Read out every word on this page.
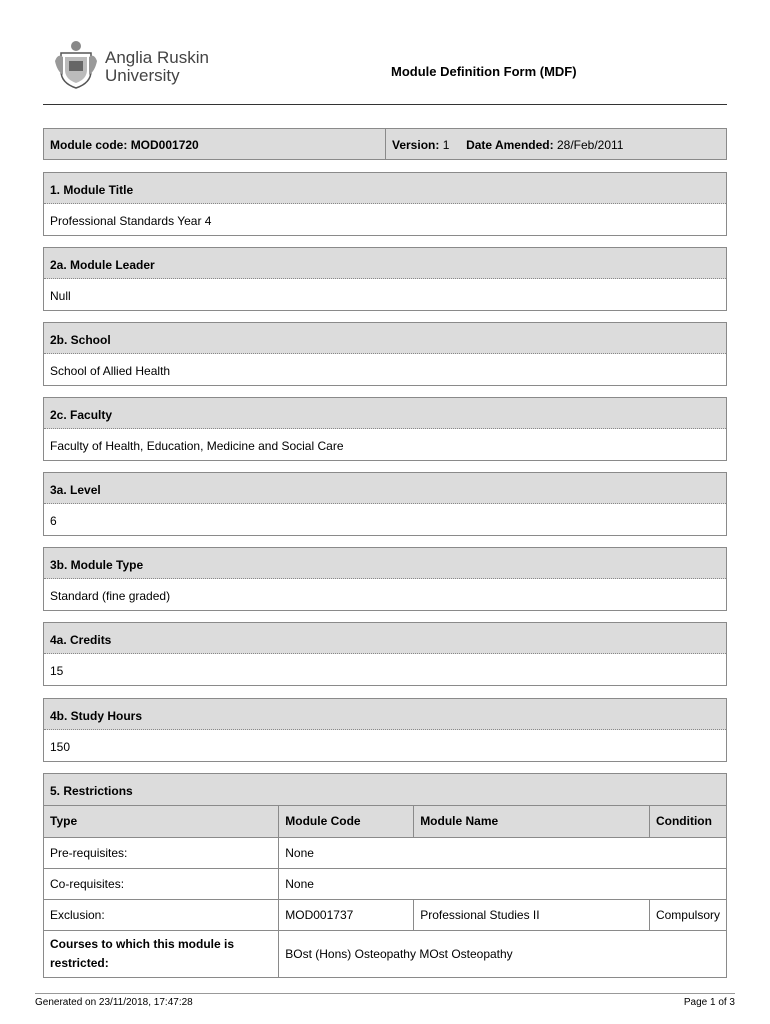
Anglia Ruskin
University	Module Definition Form (MDF)
Module code: MOD001720	Version: 1 Date Amended: 28/Feb/2011
1. Module Title
Professional Standards Year 4
2a. Module Leader
Null
2b. School
School of Allied Health
2c. Faculty
Faculty of Health, Education, Medicine and Social Care
3a. Level
6
3b. Module Type
Standard (fine graded)
4a. Credits
15
4b. Study Hours
150
5. Restrictions
Type	Module Code	Module Name	Condition
Pre-requisites:	None		
Co-requisites:	None		
Exclusion:	MOD001737	Professional Studies II	Compulsory
Courses to which this module is restricted:	BOst (Hons) Osteopathy MOst Osteopathy		
Generated on 23/11/2018, 17:47:28	Page 1 of 3
